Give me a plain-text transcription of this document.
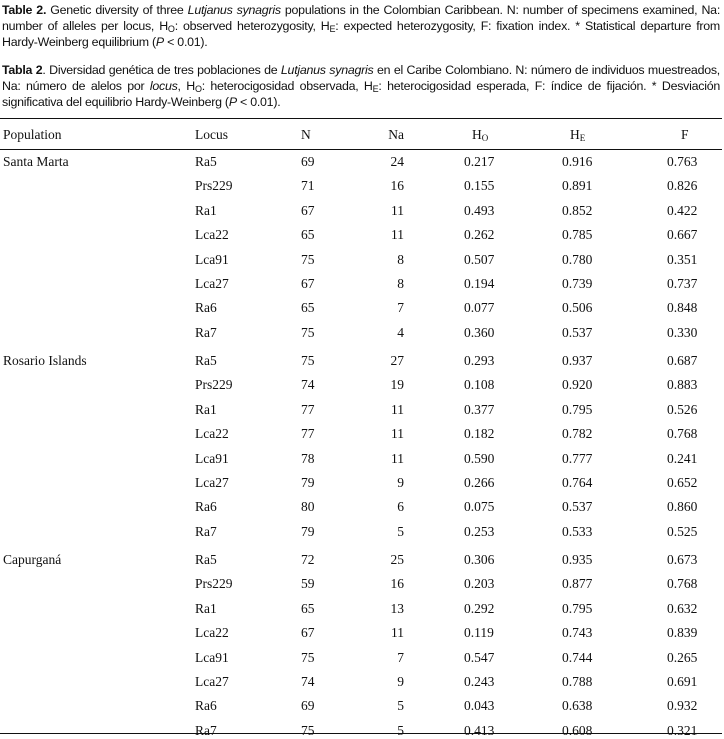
Table 2. Genetic diversity of three Lutjanus synagris populations in the Colombian Caribbean. N: number of specimens examined, Na: number of alleles per locus, $H_O$: observed heterozygosity, $H_E$: expected heterozygosity, F: fixation index. * Statistical departure from Hardy-Weinberg equilibrium (P < 0.01).
Tabla 2. Diversidad genética de tres poblaciones de Lutjanus synagris en el Caribe Colombiano. N: número de individuos muestreados, Na: número de alelos por locus, $H_O$: heterocigosidad observada, $H_E$: heterocigosidad esperada, F: índice de fijación. * Desviación significativa del equilibrio Hardy-Weinberg (P < 0.01).
Population	Locus	N	Na	$H_O$	$H_E$	F
Santa Marta	Ra5	69	24	0.217	0.916	0.763
Prs229	71	16	0.155	0.891	0.826
Ra1	67	11	0.493	0.852	0.422
Lca22	65	11	0.262	0.785	0.667
Lca91	75	8	0.507	0.780	0.351
Lca27	67	8	0.194	0.739	0.737
Ra6	65	7	0.077	0.506	0.848
Ra7	75	4	0.360	0.537	0.330
Rosario Islands	Ra5	75	27	0.293	0.937	0.687
Prs229	74	19	0.108	0.920	0.883
Ra1	77	11	0.377	0.795	0.526
Lca22	77	11	0.182	0.782	0.768
Lca91	78	11	0.590	0.777	0.241
Lca27	79	9	0.266	0.764	0.652
Ra6	80	6	0.075	0.537	0.860
Ra7	79	5	0.253	0.533	0.525
Capurganá	Ra5	72	25	0.306	0.935	0.673
Prs229	59	16	0.203	0.877	0.768
Ra1	65	13	0.292	0.795	0.632
Lca22	67	11	0.119	0.743	0.839
Lca91	75	7	0.547	0.744	0.265
Lca27	74	9	0.243	0.788	0.691
Ra6	69	5	0.043	0.638	0.932
Ra7	75	5	0.413	0.608	0.321
